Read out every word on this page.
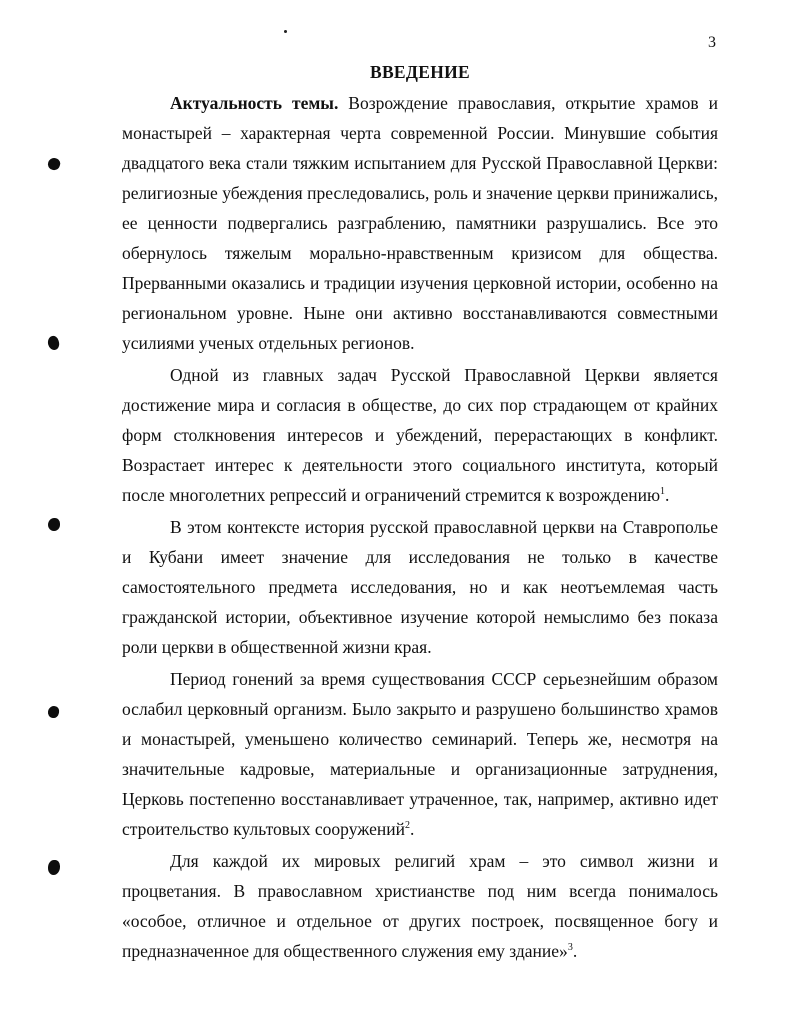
3
ВВЕДЕНИЕ

Актуальность темы. Возрождение православия, открытие храмов и монастырей – характерная черта современной России. Минувшие события двадцатого века стали тяжким испытанием для Русской Православной Церкви: религиозные убеждения преследовались, роль и значение церкви принижались, ее ценности подвергались разграблению, памятники разрушались. Все это обернулось тяжелым морально-нравственным кризисом для общества. Прерванными оказались и традиции изучения церковной истории, особенно на региональном уровне. Ныне они активно восстанавливаются совместными усилиями ученых отдельных регионов.

Одной из главных задач Русской Православной Церкви является достижение мира и согласия в обществе, до сих пор страдающем от крайних форм столкновения интересов и убеждений, перерастающих в конфликт. Возрастает интерес к деятельности этого социального института, который после многолетних репрессий и ограничений стремится к возрождению$^1$.

В этом контексте история русской православной церкви на Ставрополье и Кубани имеет значение для исследования не только в качестве самостоятельного предмета исследования, но и как неотъемлемая часть гражданской истории, объективное изучение которой немыслимо без показа роли церкви в общественной жизни края.

Период гонений за время существования СССР серьезнейшим образом ослабил церковный организм. Было закрыто и разрушено большинство храмов и монастырей, уменьшено количество семинарий. Теперь же, несмотря на значительные кадровые, материальные и организационные затруднения, Церковь постепенно восстанавливает утраченное, так, например, активно идет строительство культовых сооружений$^2$.

Для каждой их мировых религий храм – это символ жизни и процветания. В православном христианстве под ним всегда понималось «особое, отличное и отдельное от других построек, посвященное богу и предназначенное для общественного служения ему здание»$^3$.
